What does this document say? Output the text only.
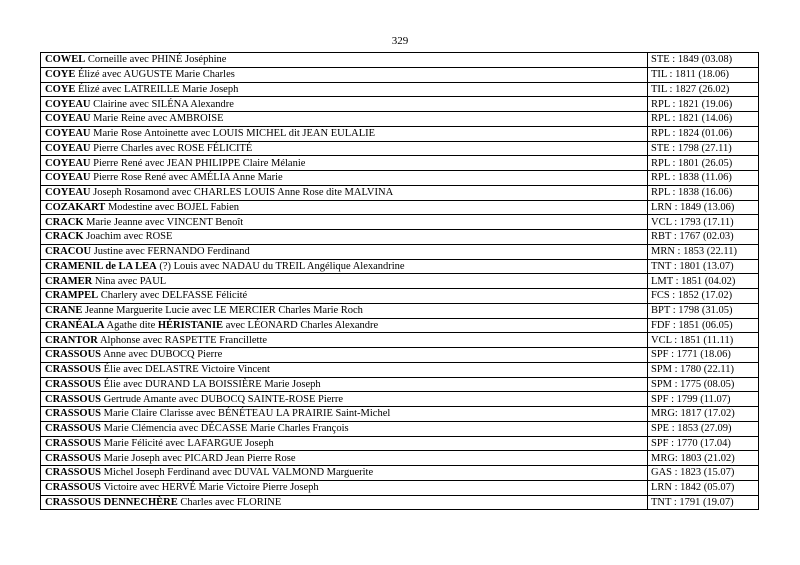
329
COWEL Corneille avec PHINÉ Joséphine	STE : 1849 (03.08)
COYE Élizé avec AUGUSTE Marie Charles	TIL : 1811 (18.06)
COYE Élizé avec LATREILLE Marie Joseph	TIL : 1827 (26.02)
COYEAU Clairine avec SILÉNA Alexandre	RPL : 1821 (19.06)
COYEAU Marie Reine avec AMBROISE	RPL : 1821 (14.06)
COYEAU Marie Rose Antoinette avec LOUIS MICHEL dit JEAN EULALIE	RPL : 1824 (01.06)
COYEAU Pierre Charles avec ROSE FÉLICITÉ	STE : 1798 (27.11)
COYEAU Pierre René avec JEAN PHILIPPE Claire Mélanie	RPL : 1801 (26.05)
COYEAU Pierre Rose René avec AMÉLIA Anne Marie	RPL : 1838 (11.06)
COYEAU Joseph Rosamond avec CHARLES LOUIS Anne Rose dite MALVINA	RPL : 1838 (16.06)
COZAKART Modestine avec BOJEL Fabien	LRN : 1849 (13.06)
CRACK Marie Jeanne avec VINCENT Benoît	VCL : 1793 (17.11)
CRACK Joachim avec ROSE	RBT : 1767 (02.03)
CRACOU Justine avec FERNANDO Ferdinand	MRN : 1853 (22.11)
CRAMENIL de LA LEA (?) Louis avec NADAU du TREIL Angélique Alexandrine	TNT : 1801 (13.07)
CRAMER Nina avec PAUL	LMT : 1851 (04.02)
CRAMPEL Charlery avec DELFASSE Félicité	FCS : 1852 (17.02)
CRANE Jeanne Marguerite Lucie avec LE MERCIER Charles Marie Roch	BPT : 1798 (31.05)
CRANÉALA Agathe dite HÉRISTANIE avec LÉONARD Charles Alexandre	FDF : 1851 (06.05)
CRANTOR Alphonse avec RASPETTE Francillette	VCL : 1851 (11.11)
CRASSOUS Anne avec DUBOCQ Pierre	SPF : 1771 (18.06)
CRASSOUS Élie avec DELASTRE Victoire Vincent	SPM : 1780 (22.11)
CRASSOUS Élie avec DURAND LA BOISSIÈRE Marie Joseph	SPM : 1775 (08.05)
CRASSOUS Gertrude Amante avec DUBOCQ SAINTE-ROSE Pierre	SPF : 1799 (11.07)
CRASSOUS Marie Claire Clarisse avec BÉNÉTEAU LA PRAIRIE Saint-Michel	MRG: 1817 (17.02)
CRASSOUS Marie Clémencia avec DÉCASSE Marie Charles François	SPE : 1853 (27.09)
CRASSOUS Marie Félicité avec LAFARGUE Joseph	SPF : 1770 (17.04)
CRASSOUS Marie Joseph avec PICARD Jean Pierre Rose	MRG: 1803 (21.02)
CRASSOUS Michel Joseph Ferdinand avec DUVAL VALMOND Marguerite	GAS : 1823 (15.07)
CRASSOUS Victoire avec HERVÉ Marie Victoire Pierre Joseph	LRN : 1842 (05.07)
CRASSOUS DENNECHÈRE Charles avec FLORINE	TNT : 1791 (19.07)
